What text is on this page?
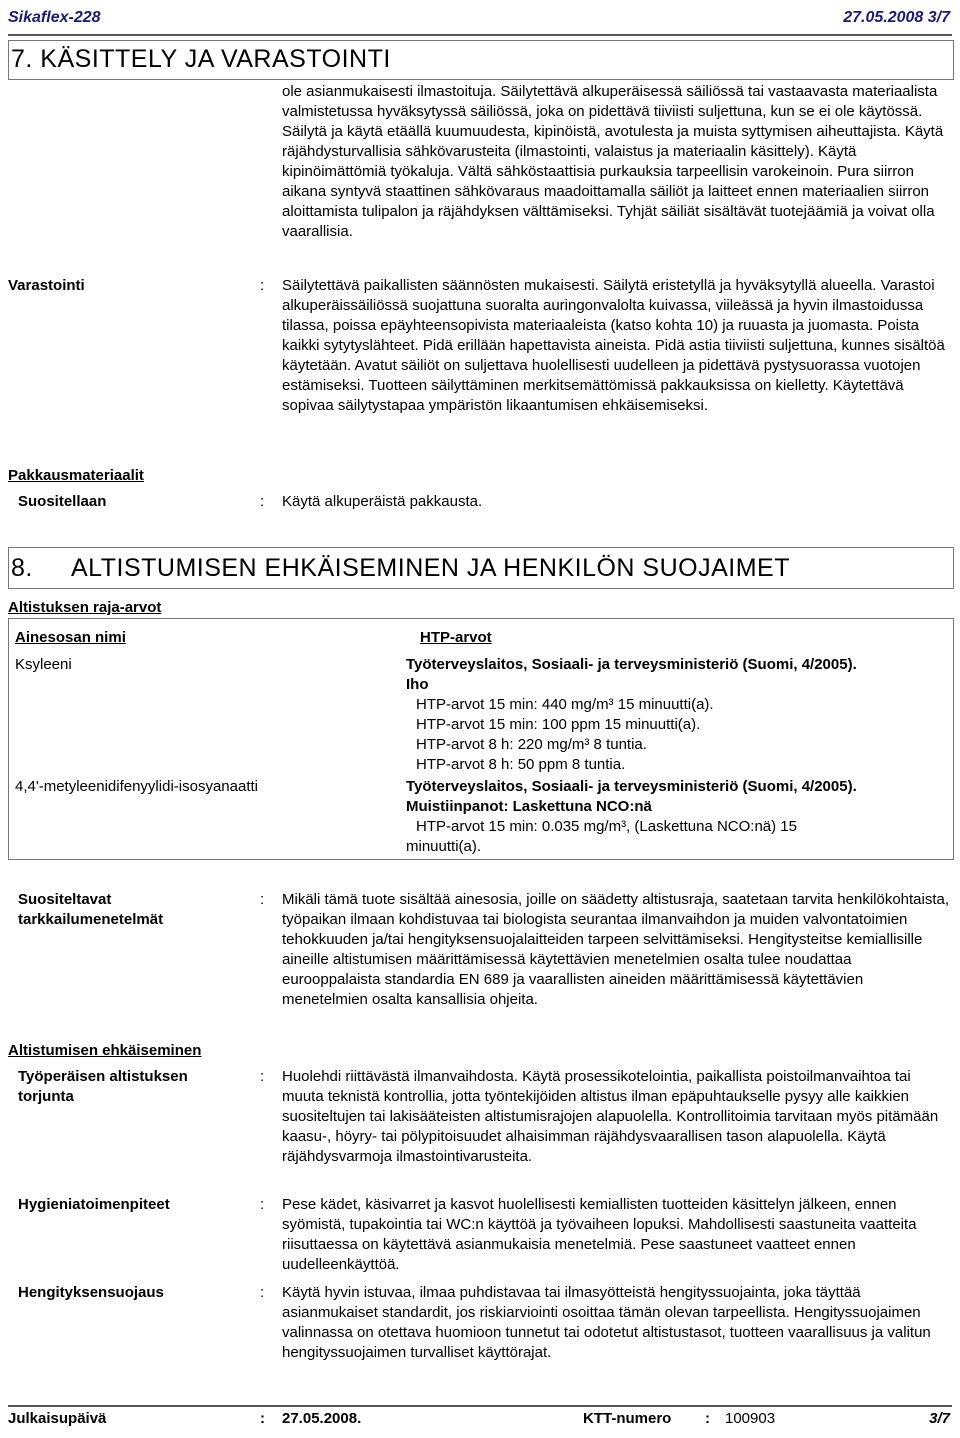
Sikaflex-228	27.05.2008 3/7
7. KÄSITTELY JA VARASTOINTI
ole asianmukaisesti ilmastoituja. Säilytettävä alkuperäisessä säiliössä tai vastaavasta materiaalista valmistetussa hyväksytyssä säiliössä, joka on pidettävä tiiviisti suljettuna, kun se ei ole käytössä. Säilytä ja käytä etäällä kuumuudesta, kipinöistä, avotulesta ja muista syttymisen aiheuttajista. Käytä räjähdysturvallisia sähkövarusteita (ilmastointi, valaistus ja materiaalin käsittely). Käytä kipinöimättömiä työkaluja. Vältä sähköstaattisia purkauksia tarpeellisin varokeinoin. Pura siirron aikana syntyvä staattinen sähkövaraus maadoittamalla säiliöt ja laitteet ennen materiaalien siirron aloittamista tulipalon ja räjähdyksen välttämiseksi. Tyhjät säiliät sisältävät tuotejäämiä ja voivat olla vaarallisia.
Varastointi	: Säilytettävä paikallisten säännösten mukaisesti. Säilytä eristetyllä ja hyväksytyllä alueella. Varastoi alkuperäissäiliössä suojattuna suoralta auringonvalolta kuivassa, viileässä ja hyvin ilmastoidussa tilassa, poissa epäyhteensopivista materiaaleista (katso kohta 10) ja ruuasta ja juomasta. Poista kaikki sytytyslähteet. Pidä erillään hapettavista aineista. Pidä astia tiiviisti suljettuna, kunnes sisältöä käytetään. Avatut säiliöt on suljettava huolellisesti uudelleen ja pidettävä pystysuorassa vuotojen estämiseksi. Tuotteen säilyttäminen merkitsemättömissä pakkauksissa on kielletty. Käytettävä sopivaa säilytystapaa ympäristön likaantumisen ehkäisemiseksi.
Pakkausmateriaalit
Suositellaan	: Käytä alkuperäistä pakkausta.
8. ALTISTUMISEN EHKÄISEMINEN JA HENKILÖN SUOJAIMET
Altistuksen raja-arvot
Ainesosan nimi	HTP-arvot
Ksyleeni	Työterveyslaitos, Sosiaali- ja terveysministeriö (Suomi, 4/2005).
Iho
HTP-arvot 15 min: 440 mg/m³ 15 minuutti(a).
HTP-arvot 15 min: 100 ppm 15 minuutti(a).
HTP-arvot 8 h: 220 mg/m³ 8 tuntia.
HTP-arvot 8 h: 50 ppm 8 tuntia.
4,4'-metyleenidifenyylidi-isosyanaatti	Työterveyslaitos, Sosiaali- ja terveysministeriö (Suomi, 4/2005).
Muistiinpanot: Laskettuna NCO:nä
HTP-arvot 15 min: 0.035 mg/m³, (Laskettuna NCO:nä) 15
minuutti(a).
Suositeltavat tarkkailumenetelmät
: Mikäli tämä tuote sisältää ainesosia, joille on säädetty altistusraja, saatetaan tarvita henkilökohtaista, työpaikan ilmaan kohdistuvaa tai biologista seurantaa ilmanvaihdon ja muiden valvontatoimien tehokkuuden ja/tai hengityksensuojalaitteiden tarpeen selvittämiseksi. Hengitysteitse kemiallisille aineille altistumisen määrittämisessä käytettävien menetelmien osalta tulee noudattaa eurooppalaista standardia EN 689 ja vaarallisten aineiden määrittämisessä käytettävien menetelmien osalta kansallisia ohjeita.
Altistumisen ehkäiseminen
Työperäisen altistuksen torjunta
: Huolehdi riittävästä ilmanvaihdosta. Käytä prosessikotelointia, paikallista poistoilmanvaihtoa tai muuta teknistä kontrollia, jotta työntekijöiden altistus ilman epäpuhtaukselle pysyy alle kaikkien suositeltujen tai lakisääteisten altistumisrajojen alapuolella. Kontrollitoimia tarvitaan myös pitämään kaasu-, höyry- tai pölypitoisuudet alhaisimman räjähdysvaarallisen tason alapuolella. Käytä räjähdysvarmoja ilmastointivarusteita.
Hygieniatoimenpiteet	: Pese kädet, käsivarret ja kasvot huolellisesti kemiallisten tuotteiden käsittelyn jälkeen, ennen syömistä, tupakointia tai WC:n käyttöä ja työvaiheen lopuksi. Mahdollisesti saastuneita vaatteita riisuttaessa on käytettävä asianmukaisia menetelmiä. Pese saastuneet vaatteet ennen uudelleenkäyttöä.
Hengityksensuojaus	: Käytä hyvin istuvaa, ilmaa puhdistavaa tai ilmasyötteistä hengityssuojainta, joka täyttää asianmukaiset standardit, jos riskiarviointi osoittaa tämän olevan tarpeellista. Hengityssuojaimen valinnassa on otettava huomioon tunnetut tai odotetut altistustasot, tuotteen vaarallisuus ja valitun hengityssuojaimen turvalliset käyttörajat.
Julkaisupäivä	: 27.05.2008.	KTT-numero : 100903	3/7
